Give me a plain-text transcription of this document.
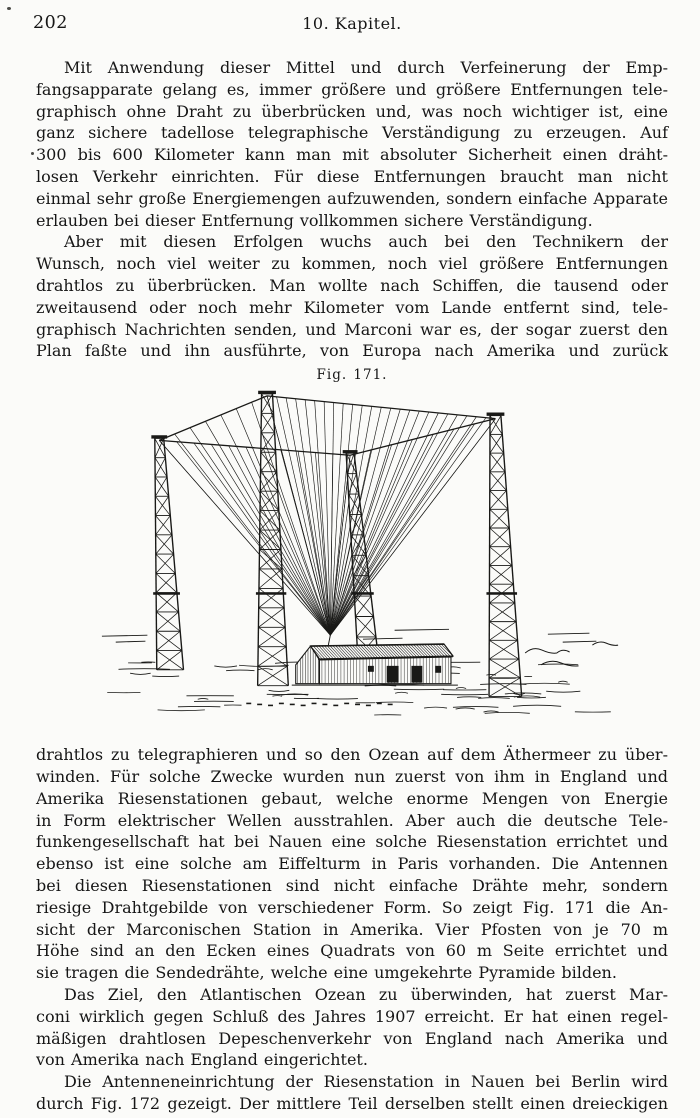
202	10. Kapitel.
Mit Anwendung dieser Mittel und durch Verfeinerung der Emp-
fangsapparate gelang es, immer größere und größere Entfernungen tele-
graphisch ohne Draht zu überbrücken und, was noch wichtiger ist, eine
ganz sichere tadellose telegraphische Verständigung zu erzeugen. Auf
300 bis 600 Kilometer kann man mit absoluter Sicherheit einen draht-
losen Verkehr einrichten. Für diese Entfernungen braucht man nicht
einmal sehr große Energiemengen aufzuwenden, sondern einfache Apparate
erlauben bei dieser Entfernung vollkommen sichere Verständigung.
Aber mit diesen Erfolgen wuchs auch bei den Technikern der
Wunsch, noch viel weiter zu kommen, noch viel größere Entfernungen
drahtlos zu überbrücken. Man wollte nach Schiffen, die tausend oder
zweitausend oder noch mehr Kilometer vom Lande entfernt sind, tele-
graphisch Nachrichten senden, und Marconi war es, der sogar zuerst den
Plan faßte und ihn ausführte, von Europa nach Amerika und zurück
Fig. 171.
drahtlos zu telegraphieren und so den Ozean auf dem Äthermeer zu über-
winden. Für solche Zwecke wurden nun zuerst von ihm in England und
Amerika Riesenstationen gebaut, welche enorme Mengen von Energie
in Form elektrischer Wellen ausstrahlen. Aber auch die deutsche Tele-
funkengesellschaft hat bei Nauen eine solche Riesenstation errichtet und
ebenso ist eine solche am Eiffelturm in Paris vorhanden. Die Antennen
bei diesen Riesenstationen sind nicht einfache Drähte mehr, sondern
riesige Drahtgebilde von verschiedener Form. So zeigt Fig. 171 die An-
sicht der Marconischen Station in Amerika. Vier Pfosten von je 70 m
Höhe sind an den Ecken eines Quadrats von 60 m Seite errichtet und
sie tragen die Sendedrähte, welche eine umgekehrte Pyramide bilden.
Das Ziel, den Atlantischen Ozean zu überwinden, hat zuerst Mar-
coni wirklich gegen Schluß des Jahres 1907 erreicht. Er hat einen regel-
mäßigen drahtlosen Depeschenverkehr von England nach Amerika und
von Amerika nach England eingerichtet.
Die Antenneneinrichtung der Riesenstation in Nauen bei Berlin wird
durch Fig. 172 gezeigt. Der mittlere Teil derselben stellt einen dreieckigen
